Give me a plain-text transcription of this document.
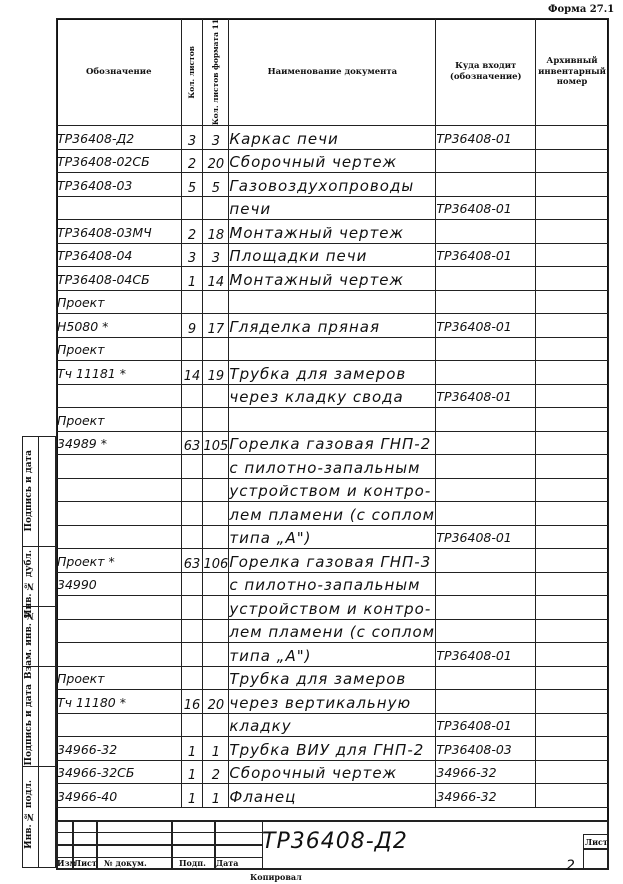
Форма 27.1
Обозначение	Кол. листов	Кол. листов формата 11	Наименование документа	Куда входит (обозначение)	Архивный инвентарный номер
ТР36408-Д2	3	3	Каркас печи	ТР36408-01	
ТР36408-02СБ	2	20	Сборочный чертеж		
ТР36408-03	5	5	Газовоздухопроводы		
			печи	ТР36408-01	
ТР36408-03МЧ	2	18	Монтажный чертеж		
ТР36408-04	3	3	Площадки печи	ТР36408-01	
ТР36408-04СБ	1	14	Монтажный чертеж		
Проект					
Н5080 *	9	17	Гляделка пряная	ТР36408-01	
Проект					
Тч 11181 *	14	19	Трубка для замеров		
			через кладку свода	ТР36408-01	
Проект					
34989 *	63	105	Горелка газовая ГНП-2		
			с пилотно-запальным		
			устройством и контро-		
			лем пламени (с соплом		
			типа „А")	ТР36408-01	
Проект *	63	106	Горелка газовая ГНП-3		
34990			с пилотно-запальным		
			устройством и контро-		
			лем пламени (с соплом		
			типа „А")	ТР36408-01	
Проект			Трубка для замеров		
Тч 11180 *	16	20	через вертикальную		
			кладку	ТР36408-01	
34966-32	1	1	Трубка ВИУ для ГНП-2	ТР36408-03	
34966-32СБ	1	2	Сборочный чертеж	34966-32	
34966-40	1	1	Фланец	34966-32	
Подпись и дата
Инв. № дубл.
Взам. инв. №
Подпись и дата
Инв. № подл.
Изм
Лист № докум.	Подп. Дата
Лист
ТР36408-Д2
2
Копировал
